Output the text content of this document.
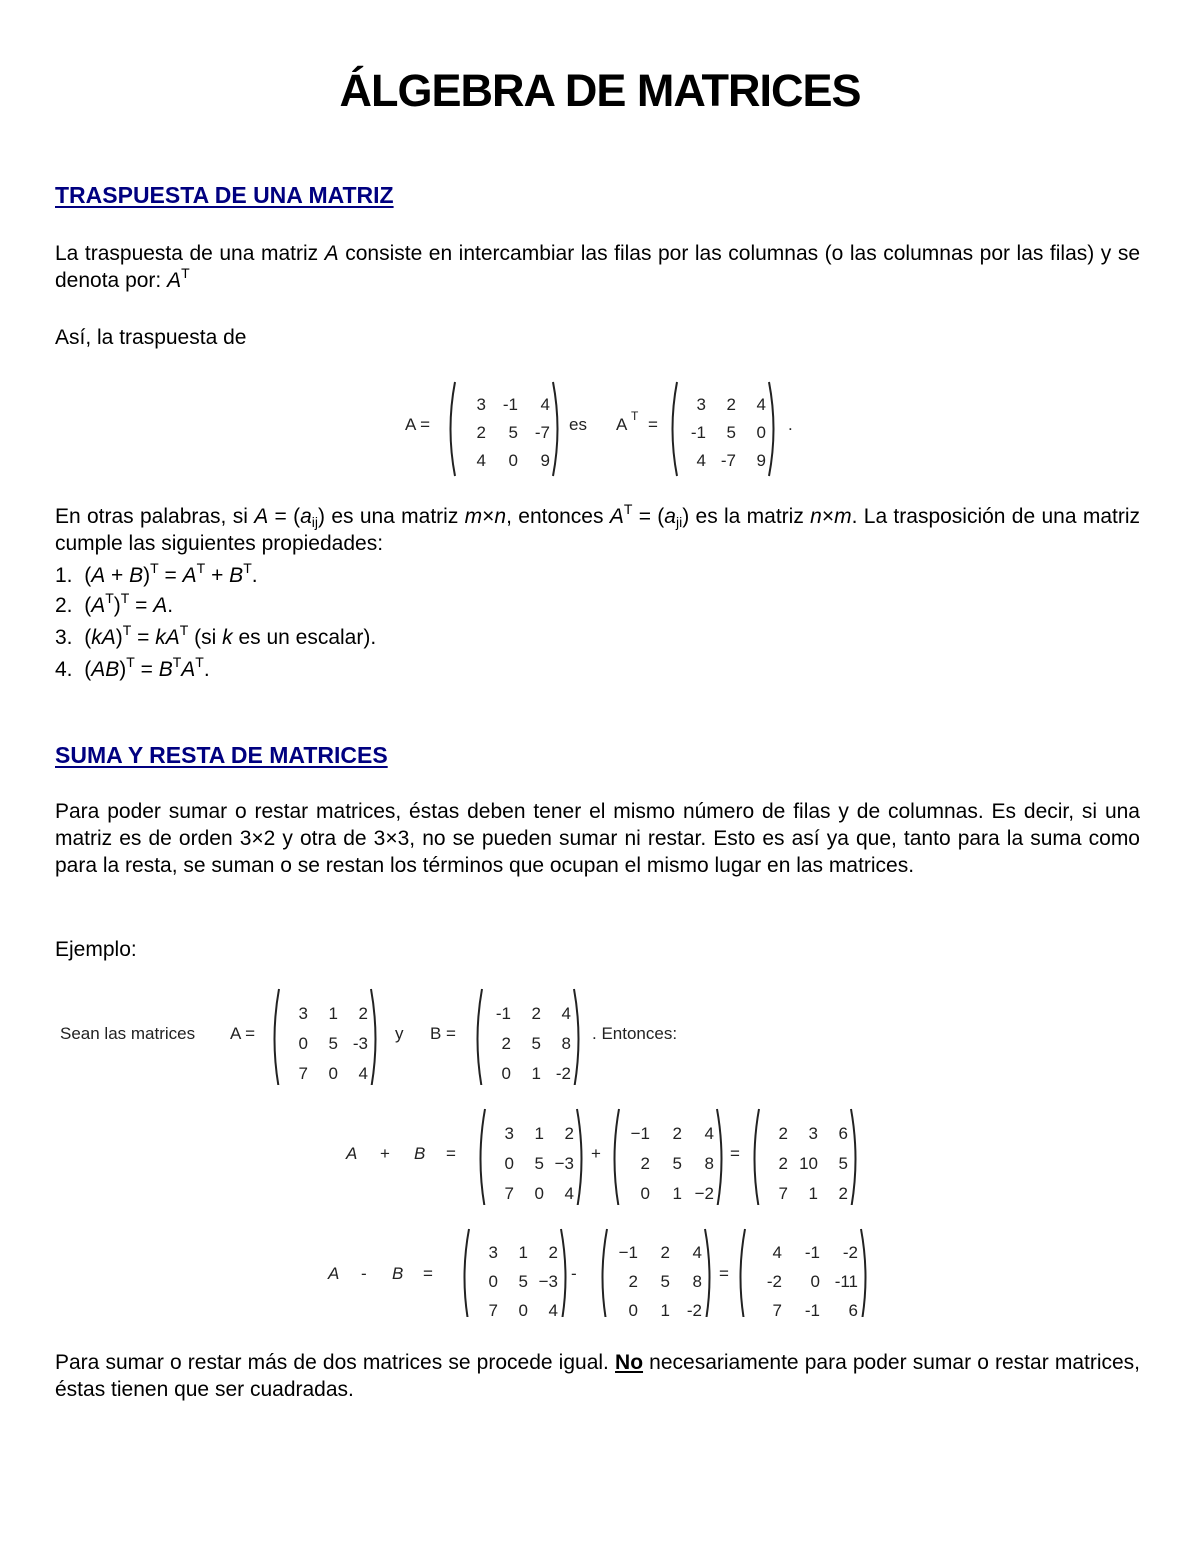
ÁLGEBRA DE MATRICES
TRASPUESTA DE UNA MATRIZ
La traspuesta de una matriz A consiste en intercambiar las filas por las columnas (o las columnas por las filas) y se denota por: $A^T$
Así, la traspuesta de
A =
3 -1 4
2 5 -7
4 0 9
es A T =
3 2 4
-1 5 0
4 -7 9
.
En otras palabras, si $A = (a_{ij})$ es una matriz m×n, entonces $A^T = (a_{ji})$ es la matriz n×m. La trasposición de una matriz cumple las siguientes propiedades:
1. $(A + B)^T = A^T + B^T$.
2. $(A^T)^T = A$.
3. $(kA)^T = kA^T$ (si k es un escalar).
4. $(AB)^T = B^TA^T$.
SUMA Y RESTA DE MATRICES
Para poder sumar o restar matrices, éstas deben tener el mismo número de filas y de columnas. Es decir, si una matriz es de orden 3×2 y otra de 3×3, no se pueden sumar ni restar. Esto es así ya que, tanto para la suma como para la resta, se suman o se restan los términos que ocupan el mismo lugar en las matrices.
Ejemplo:
Sean las matrices A =
3 1 2
0 5 -3
7 0 4
y B =
-1 2 4
2 5 8
0 1 -2
. Entonces:
A + B =
3 1 2
0 5 −3
7 0 4
+
−1 2 4
2 5 8
0 1 −2
=
2 3 6
2 10 5
7 1 2
A - B =
3 1 2
0 5 −3
7 0 4
-
−1 2 4
2 5 8
0 1 -2
=
4 -1 -2
-2 0 -11
7 -1 6
Para sumar o restar más de dos matrices se procede igual. No necesariamente para poder sumar o restar matrices, éstas tienen que ser cuadradas.
